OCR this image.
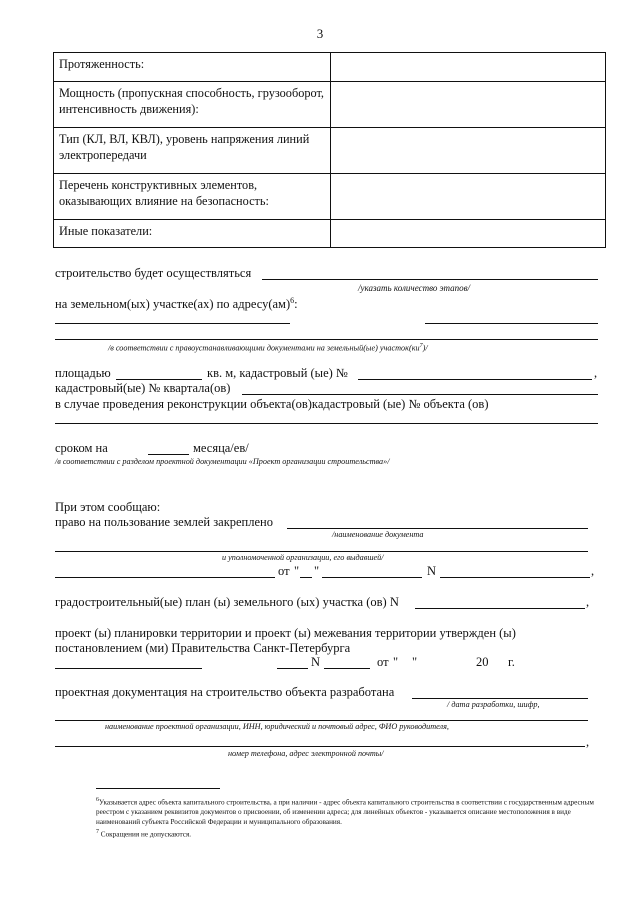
3
Протяженность:	
Мощность (пропускная способность, грузооборот, интенсивность движения):	
Тип (КЛ, ВЛ, КВЛ), уровень напряжения линий электропередачи	
Перечень конструктивных элементов, оказывающих влияние на безопасность:	
Иные показатели:	
строительство будет осуществляться
/указать количество этапов/
на земельном(ых) участке(ах) по адресу(ам)$^6$:
/в соответствии с правоустанавливающими документами на земельный(ые) $участок(ки^7)/$
площадью	кв. м, кадастровый (ые) №	,
кадастровый(ые) № квартала(ов)
в случае проведения реконструкции объекта(ов)кадастровый (ые) № объекта (ов)
сроком на	месяца/ев/
/в соответствии с разделом проектной документации «Проект организации строительства»/
При этом сообщаю:
право на пользование землей закреплено
/наименование документа
и уполномоченной организации, его выдавшей/
от " "	N	,
градостроительный(ые) план (ы) земельного (ых) участка (ов) N	,
проект (ы) планировки территории и проект (ы) межевания территории утвержден (ы)
постановлением (ми) Правительства Санкт-Петербурга
N	от " "	20 г.
проектная документация на строительство объекта разработана
/ дата разработки, шифр,
наименование проектной организации, ИНН, юридический и почтовый адрес, ФИО руководителя,
,
номер телефона, адрес электронной почты/
$^6$Указывается адрес объекта капитального строительства, а при наличии - адрес объекта капитального строительства в соответствии с государственным адресным реестром с указанием реквизитов документов о присвоении, об изменении адреса; для линейных объектов - указывается описание местоположения в виде наименований субъекта Российской Федерации и муниципального образования.
$^7$ Сокращения не допускаются.
